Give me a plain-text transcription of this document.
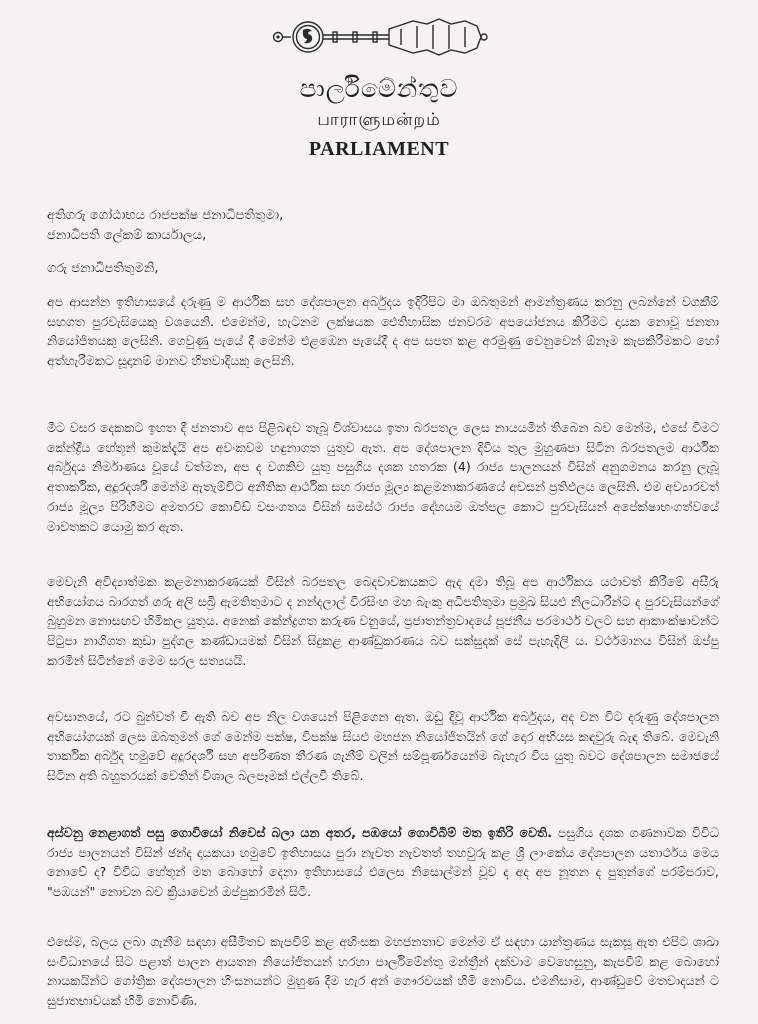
පාර්ලිමේන්තුව
பாராளுமன்றம்
PARLIAMENT
අතිගරු ගෝඨාභය රාජපක්ෂ ජනාධිපතිතුමා,
ජනාධිපති ලේකම් කාර්යාලය,
ගරු ජනාධිපතිතුමනි,

අප ආසන්න ඉතිහාසයේ දරුණු ම ආර්ථික සහ දේශපාලන අර්බුදය ඉදිරිපිට මා ඔබතුමන් ආමන්ත්‍රණය කරනු ලබන්නේ වගකීම් සහගත පුරවැසියෙකු වශයෙනි. එමෙන්ම, හැටනම ලක්ෂයක ඓතිහාසික ජනවරම අපයෝජනය කිරීමට දායක නොවූ ජනතා නියෝජිතයකු ලෙසිනි. ගෙවුණු පැයේ දී මෙන්ම එළඹෙන පැයේදී ද අප සපත කළ අරමුණු වෙනුවෙන් ඕනෑම කැපකිරීමකට හෝ අත්හැරීමකට සූදානම් මානව හිතවාදියකු ලෙසිනි.

මීට වසර දෙකකට ඉහත දී ජනතාව අප පිළිබඳව තැබූ විශ්වාසය ඉතා බරපතල ලෙස නායයමින් තිබෙන බව මෙන්ම, එසේ වීමට කේන්ද්‍රීය හේතූන් කුමක්දැයි අප අවංකවම හඳුනාගත යුතුව ඇත. අප දේශපාලන දිවිය තුල මුහුණපා සිටින බරපතලම ආර්ථික අර්බුදය නිර්මාණය වූයේ වත්මන, අප ද වගකිව යුතු පසුගිය දශක හතරක (4) රාජ්‍ය පාලනයන් විසින් අනුගමනය කරනු ලැබූ අතාර්කික, අදූරදර්ශී මෙන්ම ඇතැම්විට අනීතික ආර්ථික සහ රාජ්‍ය මූල්‍ය කළමනාකරණයේ අවසන් ප්‍රතිඵලය ලෙසිනි. එම අව්‍යාරවත් රාජ්‍ය මූල්‍ය පිරිහීමට අමතරව කොවිඩ් වසංගතය විසින් සමස්ථ රාජ්‍ය දේහයම ඔත්පල කොට පුරවැසියන් අපේක්ෂාභංගත්වයේ මාවතකට යොමු කර ඇත.

මෙවැනි අවිද්‍යාත්මක කළමනාකරණයක් විසින් බරපතල බෙදවාවකයකට ඇද දමා තිබූ අප ආර්ථිකය යථාවත් කිරීමේ අසීරු අභියෝගය බාරගත් ගරු අලි සබ්‍රි ඇමතිතුමාට ද නන්දලාල් වීරසිංහ මහ බැංකු අධිපතිතුමා ප්‍රමුඛ සියළු නිලධාරීන්ට ද පුරවැසියන්ගේ බුහුමන නොසඟව හිමිකල යුතුය. අනෙක් කේන්ද්‍රගත කරුණ වනුයේ, ප්‍රජාතන්ත්‍රවාදයේ පූජනීය පරමාර්ථ වලට සහ ආකාංක්ෂාවන්ට පිටුපා නාගිගත කුඩා පුද්ගල කණ්ඩායමක් විසින් සිදුකළ ආණ්ඩුකරණය බව සක්සුදක් සේ පැහැදිලි ය. වර්ථමානය විසින් ඔප්පු කරමින් සිටින්නේ මෙම සරල සත්‍යයයි.

අවසානයේ, රට බුන්වත් වී ඇති බව අප නිල වශයෙන් පිළිගෙන ඇත. ඔඩු දිවූ ආර්ථික අර්බුදය, අද වන විට දරුණු දේශපාලන අභියෝගයක් ලෙස ඔබතුමන් ගේ මෙන්ම පක්ෂ, විපක්ෂ සියළු මහජන නියෝජිතයින් ගේ දොර අභියස කඳවුරු බැඳ තිබේ. මෙවැනි තාර්කික අර්බුද හමුවේ අදූරදර්ශී සහ අපරිණත තීරණ ගැනීම් වලින් සම්පූර්ණයෙන්ම බැහැර විය යුතු බවට දේශපාලන සමාජයේ සිටින අති බහුතරයක් වෙතින් විශාල බලපෑමක් එල්ලවී තිබේ.

අස්වනු නෙළාගත් පසු ගොවියෝ නිවෙස් බලා යන අතර, පඹයෝ ගොවිබිම් මත ඉතිරි වෙති. පසුගිය දශක ගණනාවක විවිධ රාජ්‍ය පාලනයන් විසින් ඡන්ද දායකයා හමුවේ ඉතිහාසය පුරා නැවත නැවතත් තහවුරු කළ ශ්‍රී ලාංකේය දේශපාලන යතාර්ථය මෙය නොවේ ද? විවිධ හේතූන් මත බොහෝ දෙනා ඉතිහාසයේ එලෙස නිසොල්මන් වූව ද අද අප නූතන ද පුතුන්ගේ පරම්පරාව, "පඹයන්" නොවන බව ක්‍රියාවෙන් ඔප්පුකරමින් සිටී.

එසේම, බලය ලබා ගැනීම සඳහා අසීමිතව කැපවීම් කළ අහිංසක මහජනතාව මෙන්ම ඒ සඳහා යාන්ත්‍රණය සැකසූ ඇත එපිට ශාඛා සංවිධානයේ සිට පළාත් පාලන ආයතන නියෝජිතයන් හරහා පාර්ලිමේන්තු මන්ත්‍රීන් දක්වාම වෙහෙසුනු, කැපවීම් කළ බොහෝ නායකයින්ට ගෝත්‍රික දේශපාලන හිංසනයන්ට මුහුණ දීම හැර අන් ගෞරවයක් හිමි නොවිය. එමනිසාම, ආණ්ඩුවේ මතවාදයන් ට සුජාතභාවයක් හිමි නොවිණි.
